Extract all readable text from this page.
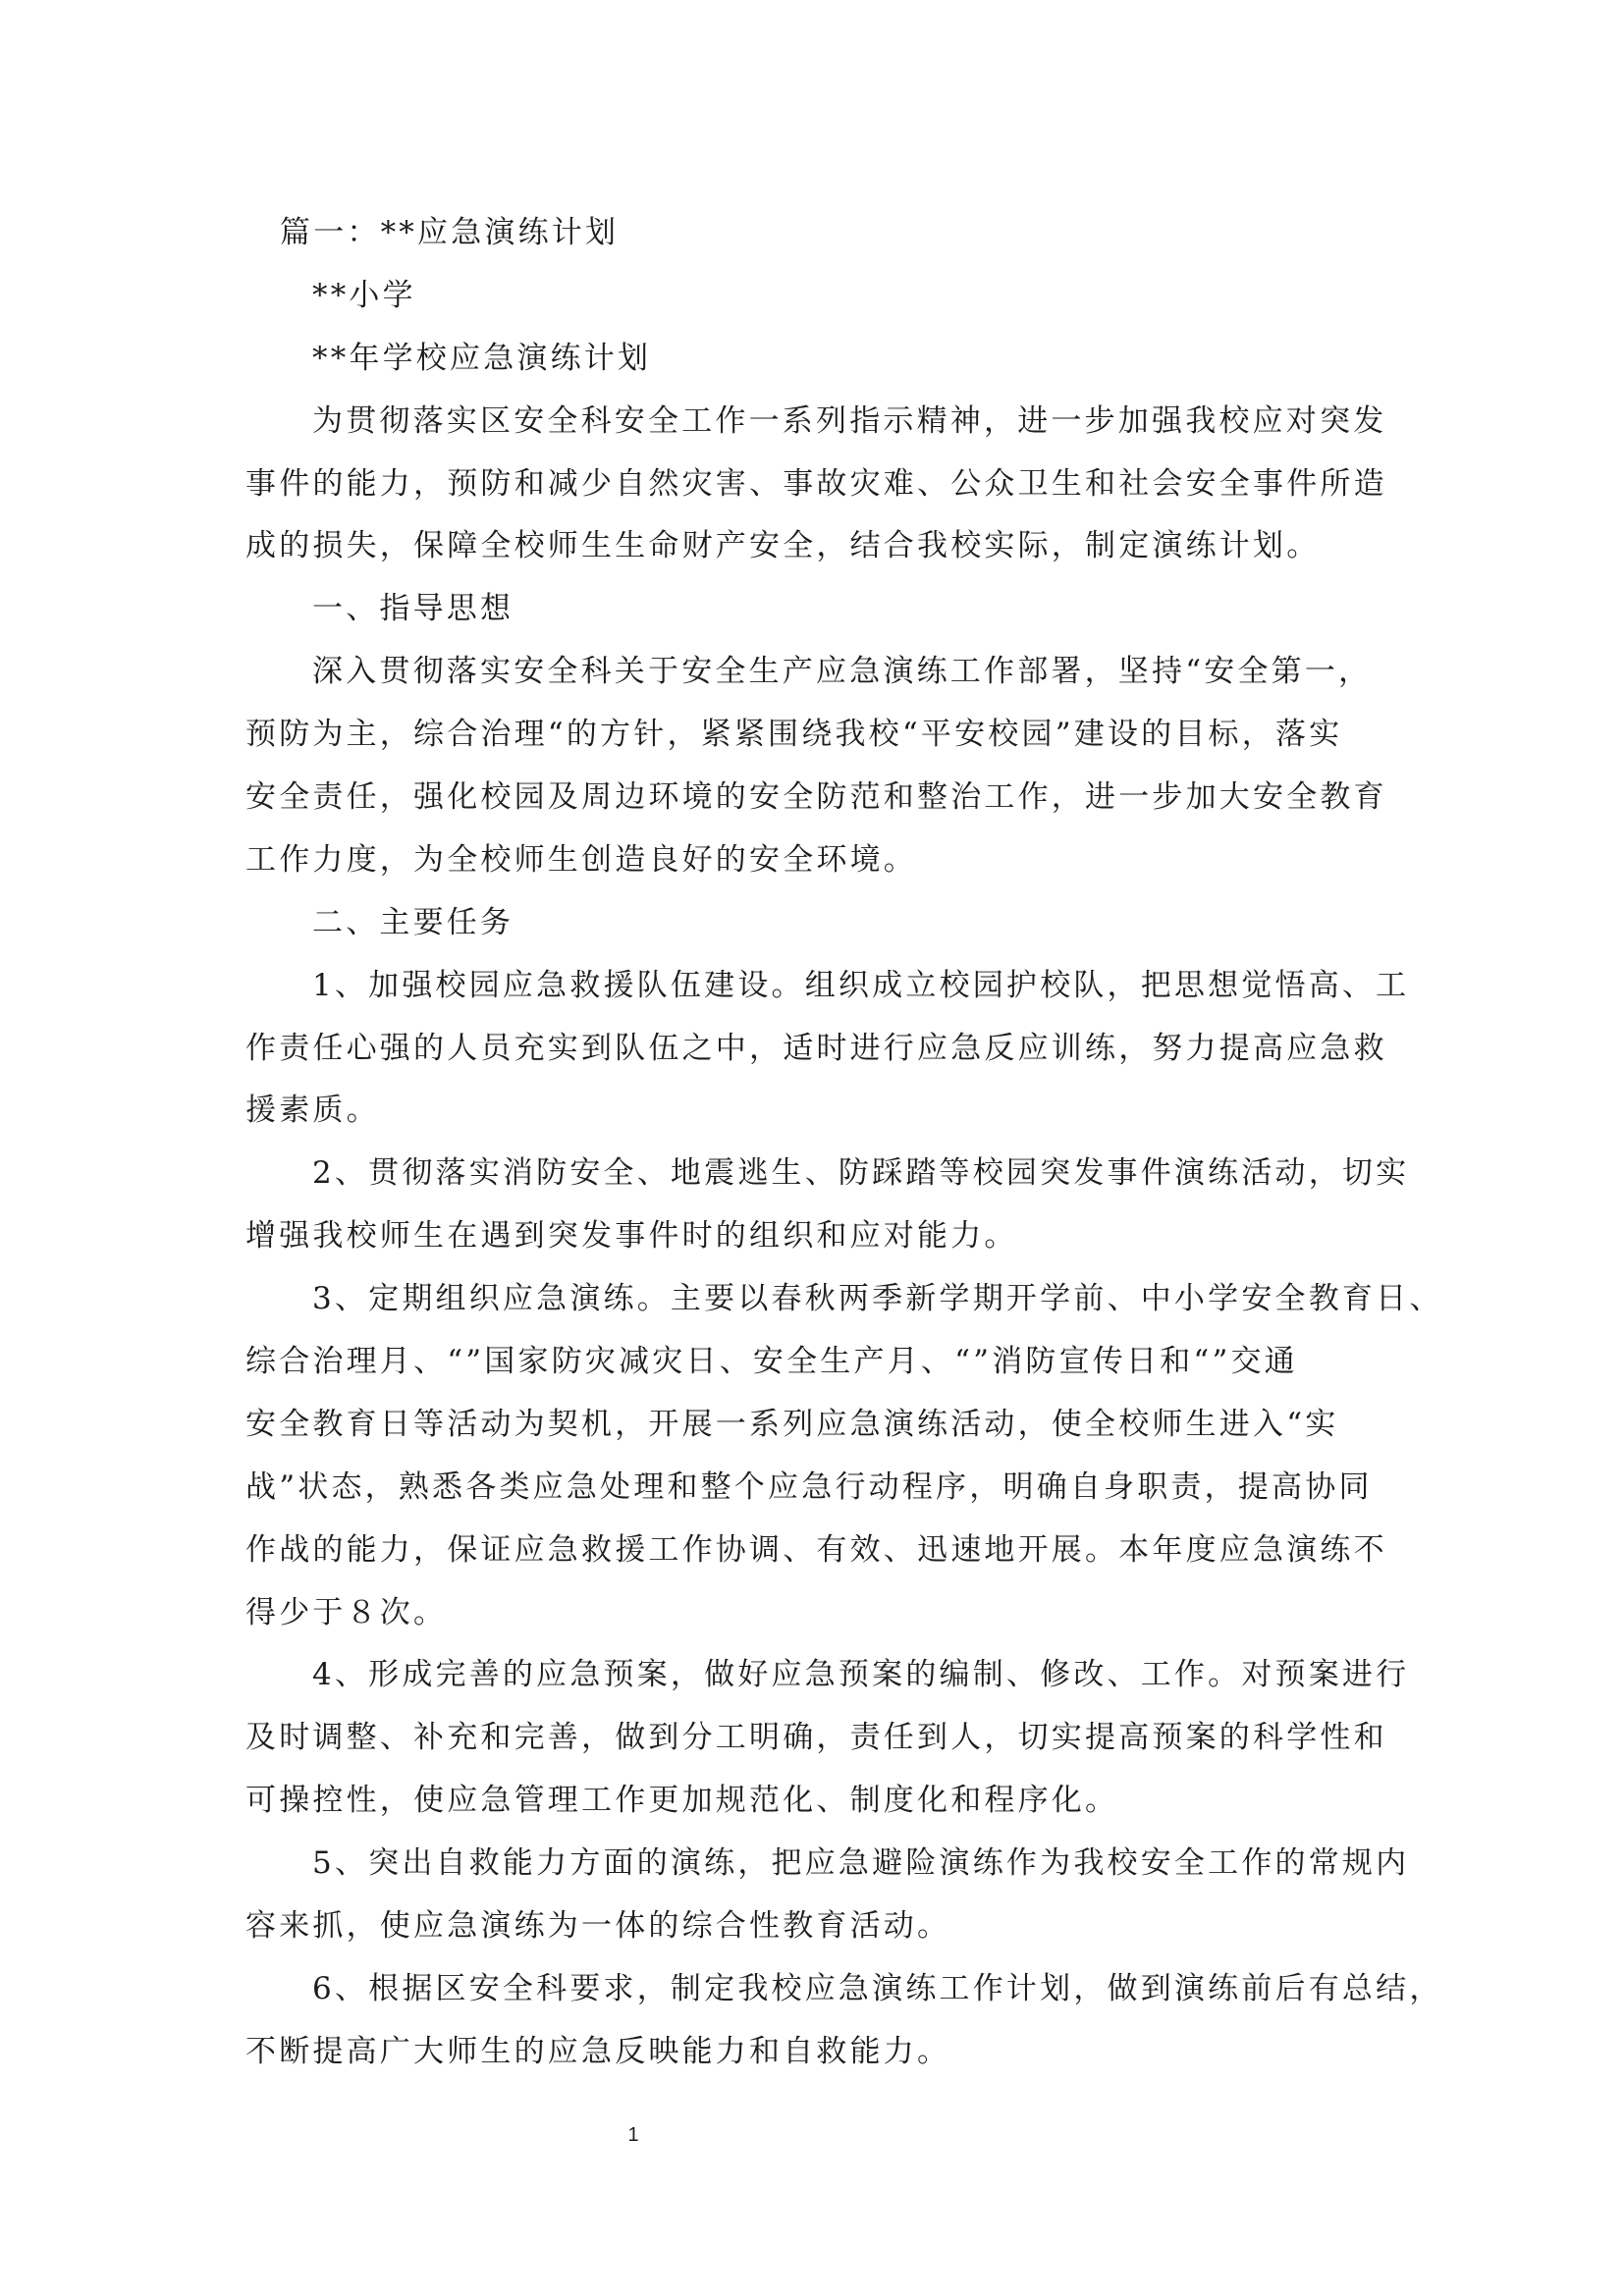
篇一：**应急演练计划
**小学
**年学校应急演练计划
为贯彻落实区安全科安全工作一系列指示精神，进一步加强我校应对突发
事件的能力，预防和减少自然灾害、事故灾难、公众卫生和社会安全事件所造
成的损失，保障全校师生生命财产安全，结合我校实际，制定演练计划。
一、指导思想
深入贯彻落实安全科关于安全生产应急演练工作部署，坚持“安全第一，
预防为主，综合治理“的方针，紧紧围绕我校“平安校园”建设的目标，落实
安全责任，强化校园及周边环境的安全防范和整治工作，进一步加大安全教育
工作力度，为全校师生创造良好的安全环境。
二、主要任务
1、加强校园应急救援队伍建设。组织成立校园护校队，把思想觉悟高、工
作责任心强的人员充实到队伍之中，适时进行应急反应训练，努力提高应急救
援素质。
2、贯彻落实消防安全、地震逃生、防踩踏等校园突发事件演练活动，切实
增强我校师生在遇到突发事件时的组织和应对能力。
3、定期组织应急演练。主要以春秋两季新学期开学前、中小学安全教育日、
综合治理月、“”国家防灾减灾日、安全生产月、“”消防宣传日和“”交通
安全教育日等活动为契机，开展一系列应急演练活动，使全校师生进入“实
战”状态，熟悉各类应急处理和整个应急行动程序，明确自身职责，提高协同
作战的能力，保证应急救援工作协调、有效、迅速地开展。本年度应急演练不
得少于８次。
4、形成完善的应急预案，做好应急预案的编制、修改、工作。对预案进行
及时调整、补充和完善，做到分工明确，责任到人，切实提高预案的科学性和
可操控性，使应急管理工作更加规范化、制度化和程序化。
5、突出自救能力方面的演练，把应急避险演练作为我校安全工作的常规内
容来抓，使应急演练为一体的综合性教育活动。
6、根据区安全科要求，制定我校应急演练工作计划，做到演练前后有总结，
不断提高广大师生的应急反映能力和自救能力。
1
